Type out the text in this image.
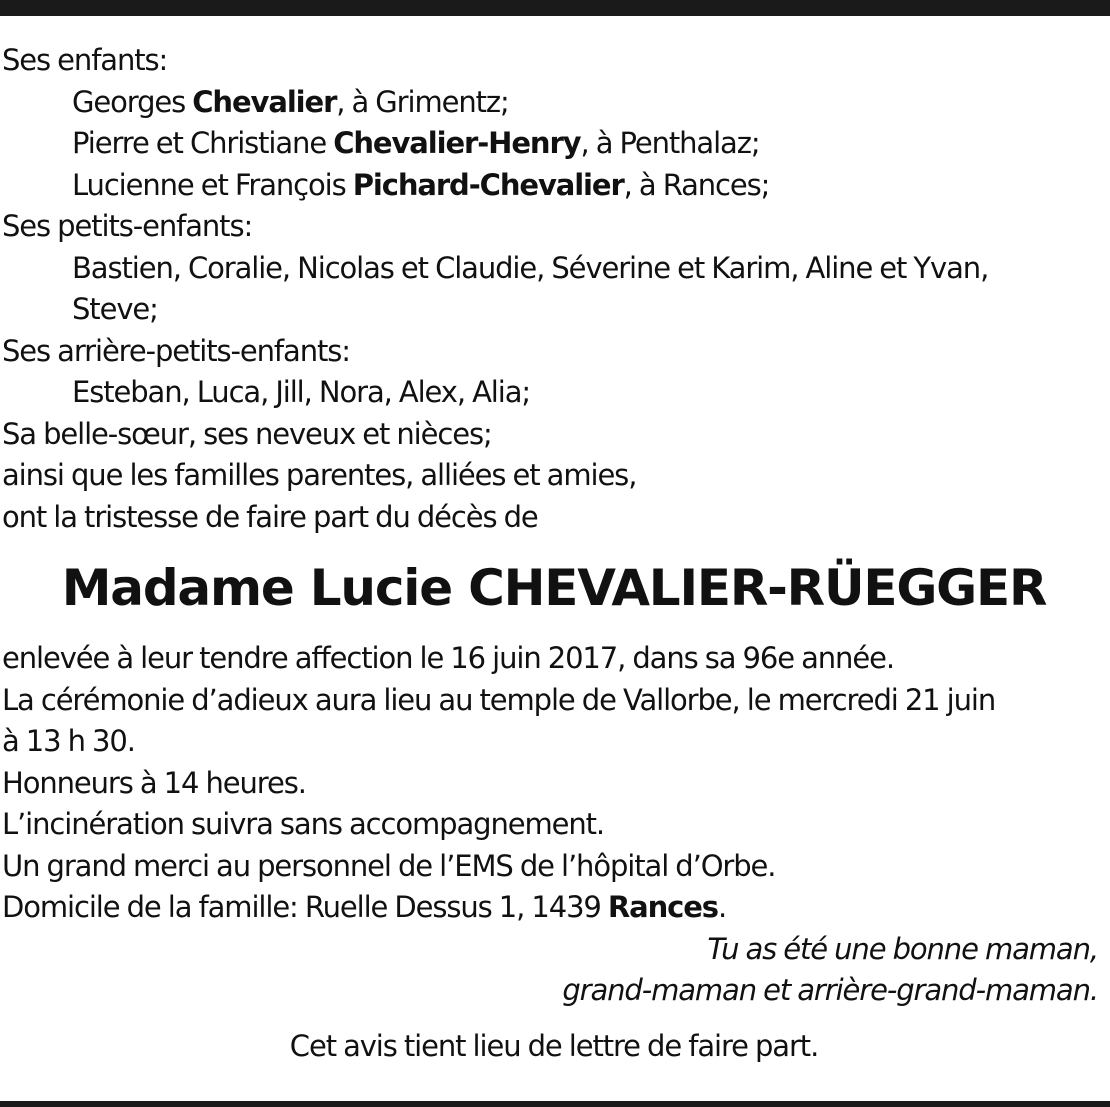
Ses enfants:
Georges Chevalier, à Grimentz;
Pierre et Christiane Chevalier-Henry, à Penthalaz;
Lucienne et François Pichard-Chevalier, à Rances;
Ses petits-enfants:
Bastien, Coralie, Nicolas et Claudie, Séverine et Karim, Aline et Yvan,
Steve;
Ses arrière-petits-enfants:
Esteban, Luca, Jill, Nora, Alex, Alia;
Sa belle-sœur, ses neveux et nièces;
ainsi que les familles parentes, alliées et amies,
ont la tristesse de faire part du décès de
Madame Lucie CHEVALIER-RÜEGGER
enlevée à leur tendre affection le 16 juin 2017, dans sa 96e année.
La cérémonie d’adieux aura lieu au temple de Vallorbe, le mercredi 21 juin
à 13 h 30.
Honneurs à 14 heures.
L’incinération suivra sans accompagnement.
Un grand merci au personnel de l’EMS de l’hôpital d’Orbe.
Domicile de la famille: Ruelle Dessus 1, 1439 Rances.
Tu as été une bonne maman,
grand-maman et arrière-grand-maman.
Cet avis tient lieu de lettre de faire part.
